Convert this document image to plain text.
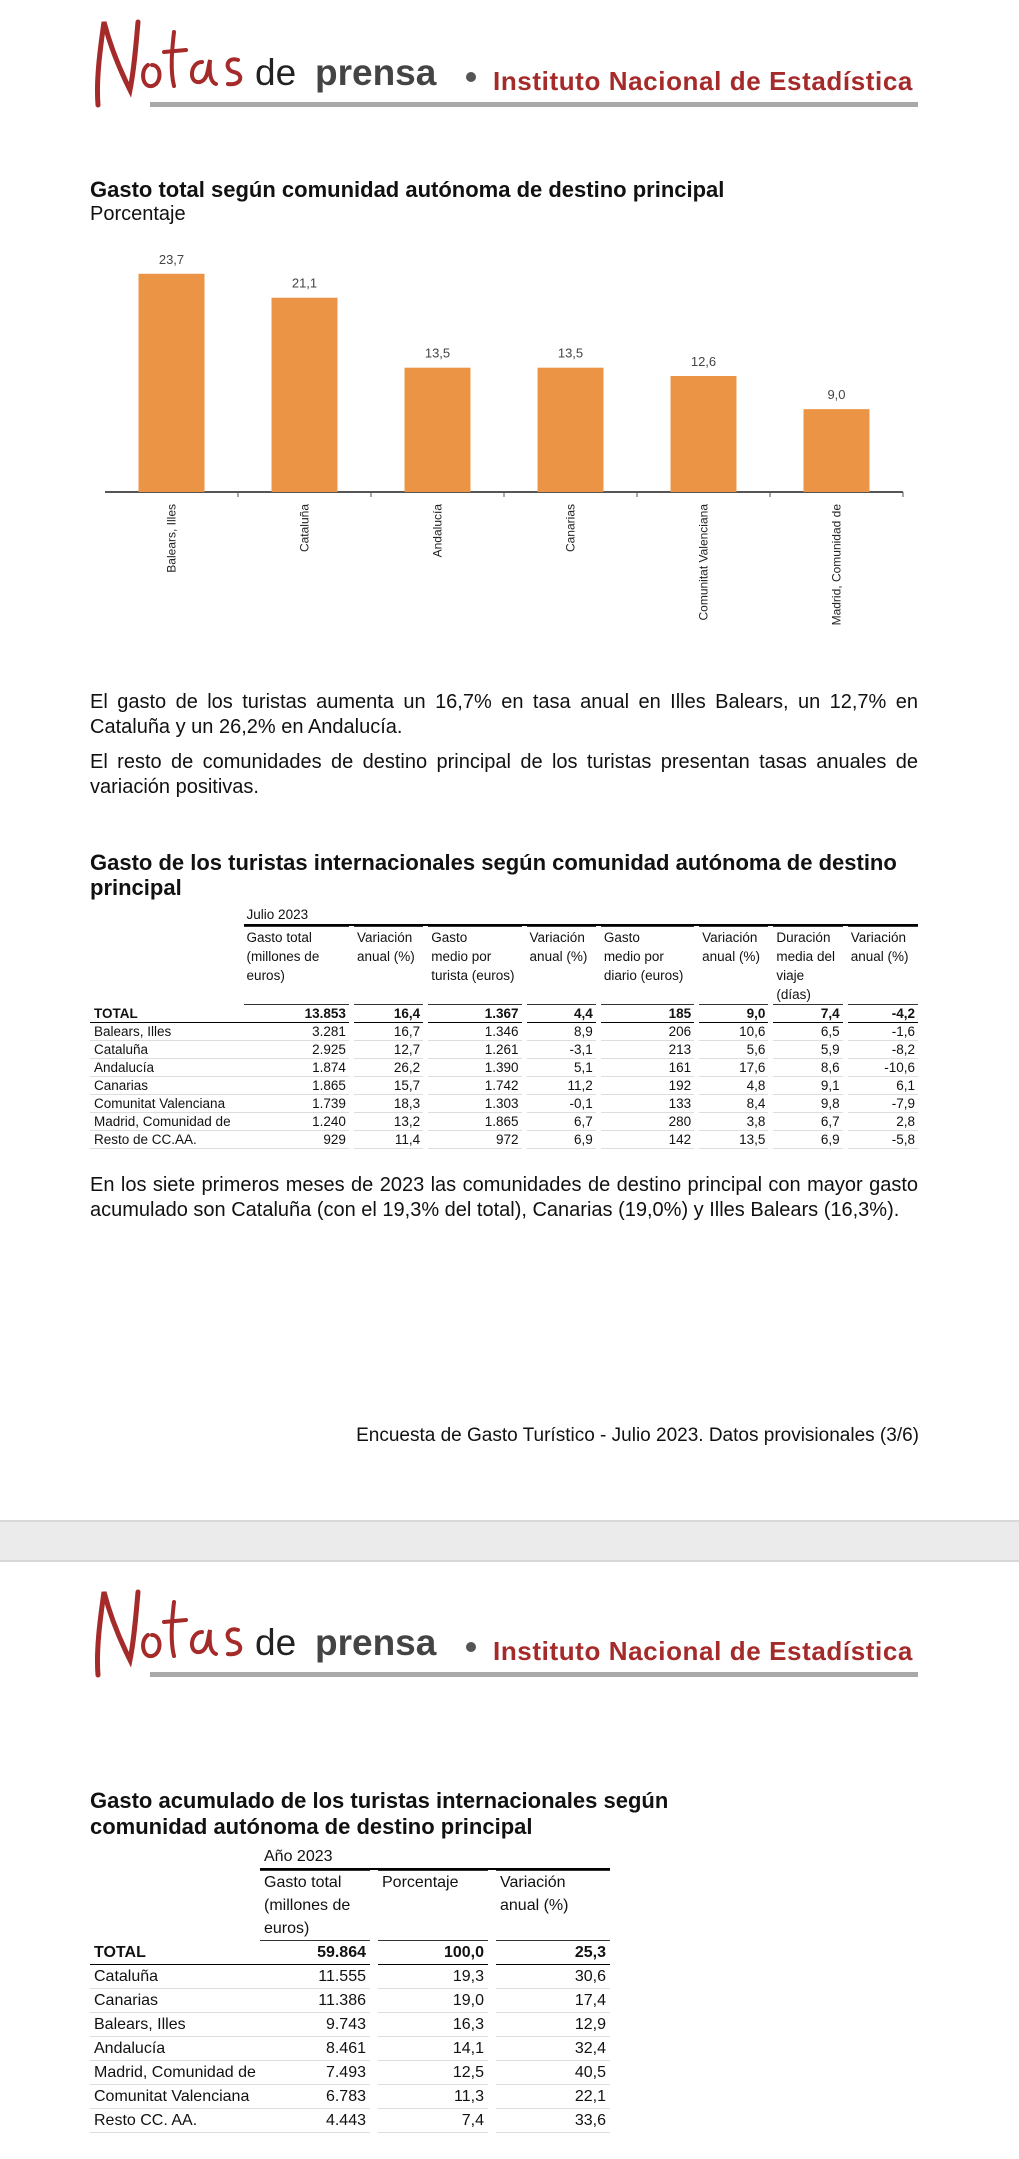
de prensa Instituto Nacional de Estadística
Gasto total según comunidad autónoma de destino principal
Porcentaje
23,7
Balears, Illes
21,1
Cataluña
13,5
Andalucía
13,5
Canarias
12,6
Comunitat Valenciana
9,0
Madrid, Comunidad de

El gasto de los turistas aumenta un 16,7% en tasa anual en Illes Balears, un 12,7% en Cataluña y un 26,2% en Andalucía.

El resto de comunidades de destino principal de los turistas presentan tasas anuales de variación positivas.

Gasto de los turistas internacionales según comunidad autónoma de destino principal
	Julio 2023														
	Gasto total
(millones de
euros)		Variación
anual (%)		Gasto
medio por
turista (euros)		Variación
anual (%)		Gasto
medio por
diario (euros)		Variación
anual (%)		Duración
media del
viaje (días)		Variación
anual (%)
TOTAL	13.853		16,4		1.367		4,4		185		9,0		7,4		-4,2
Balears, Illes	3.281		16,7		1.346		8,9		206		10,6		6,5		-1,6
Cataluña	2.925		12,7		1.261		-3,1		213		5,6		5,9		-8,2
Andalucía	1.874		26,2		1.390		5,1		161		17,6		8,6		-10,6
Canarias	1.865		15,7		1.742		11,2		192		4,8		9,1		6,1
Comunitat Valenciana	1.739		18,3		1.303		-0,1		133		8,4		9,8		-7,9
Madrid, Comunidad de	1.240		13,2		1.865		6,7		280		3,8		6,7		2,8
Resto de CC.AA.	929		11,4		972		6,9		142		13,5		6,9		-5,8

En los siete primeros meses de 2023 las comunidades de destino principal con mayor gasto acumulado son Cataluña (con el 19,3% del total), Canarias (19,0%) y Illes Balears (16,3%).

Encuesta de Gasto Turístico - Julio 2023. Datos provisionales (3/6)
de prensa Instituto Nacional de Estadística
Gasto acumulado de los turistas internacionales según
comunidad autónoma de destino principal
	Año 2023				
	Gasto total
(millones de
euros)		Porcentaje		Variación
anual (%)
TOTAL	59.864		100,0		25,3
Cataluña	11.555		19,3		30,6
Canarias	11.386		19,0		17,4
Balears, Illes	9.743		16,3		12,9
Andalucía	8.461		14,1		32,4
Madrid, Comunidad de	7.493		12,5		40,5
Comunitat Valenciana	6.783		11,3		22,1
Resto CC. AA.	4.443		7,4		33,6
